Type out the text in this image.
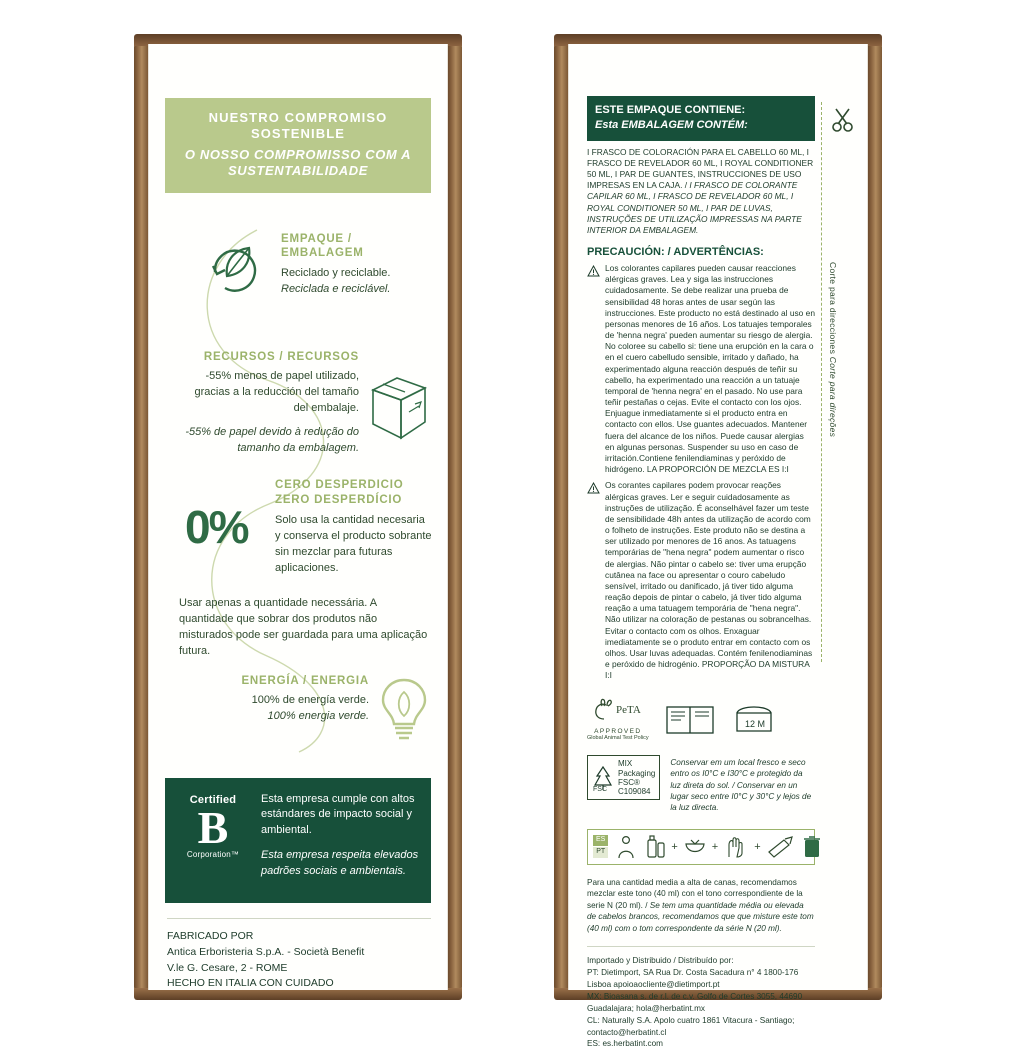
NUESTRO COMPROMISO SOSTENIBLE
O NOSSO COMPROMISSO COM A SUSTENTABILIDADE
EMPAQUE / EMBALAGEM
Reciclado y reciclable.
Reciclada e reciclável.
RECURSOS / RECURSOS
-55% menos de papel utilizado, gracias a la reducción del tamaño del embalaje.
-55% de papel devido à redução do tamanho da embalagem.
CERO DESPERDICIO
ZERO DESPERDÍCIO
Solo usa la cantidad necesaria y conserva el producto sobrante sin mezclar para futuras aplicaciones.
Usar apenas a quantidade necessária. A quantidade que sobrar dos produtos não misturados pode ser guardada para uma aplicação futura.
0%
ENERGÍA / ENERGIA
100% de energía verde.
100% energia verde.
Certified
B
Corporation™
Esta empresa cumple con altos estándares de impacto social y ambiental.
Esta empresa respeita elevados padrões sociais e ambientais.
FABRICADO POR
Antica Erboristeria S.p.A. - Società Benefit
V.le G. Cesare, 2 - ROME
HECHO EN ITALIA CON CUIDADO
Corte para direcciones Corte para direções
ESTE EMPAQUE CONTIENE:
Esta EMBALAGEM CONTÉM:
I FRASCO DE COLORACIÓN PARA EL CABELLO 60 ML, I FRASCO DE REVELADOR 60 ML, I ROYAL CONDITIONER 50 ML, I PAR DE GUANTES, INSTRUCCIONES DE USO IMPRESAS EN LA CAJA. / I FRASCO DE COLORANTE CAPILAR 60 ML, I FRASCO DE REVELADOR 60 ML, I ROYAL CONDITIONER 50 ML, I PAR DE LUVAS, INSTRUÇÕES DE UTILIZAÇÃO IMPRESSAS NA PARTE INTERIOR DA EMBALAGEM.
PRECAUCIÓN: / ADVERTÊNCIAS:
Los colorantes capilares pueden causar reacciones alérgicas graves. Lea y siga las instrucciones cuidadosamente. Se debe realizar una prueba de sensibilidad 48 horas antes de usar según las instrucciones. Este producto no está destinado al uso en personas menores de 16 años. Los tatuajes temporales de 'henna negra' pueden aumentar su riesgo de alergia. No coloree su cabello si: tiene una erupción en la cara o en el cuero cabelludo sensible, irritado y dañado, ha experimentado alguna reacción después de teñir su cabello, ha experimentado una reacción a un tatuaje temporal de 'henna negra' en el pasado. No use para teñir pestañas o cejas. Evite el contacto con los ojos. Enjuague inmediatamente si el producto entra en contacto con ellos. Use guantes adecuados. Mantener fuera del alcance de los niños. Puede causar alergias en algunas personas. Suspender su uso en caso de irritación.Contiene fenilendiaminas y peróxido de hidrógeno. LA PROPORCIÓN DE MEZCLA ES I:I
Os corantes capilares podem provocar reações alérgicas graves. Ler e seguir cuidadosamente as instruções de utilização. É aconselhável fazer um teste de sensibilidade 48h antes da utilização de acordo com o folheto de instruções. Este produto não se destina a ser utilizado por menores de 16 anos. As tatuagens temporárias de "hena negra" podem aumentar o risco de alergias. Não pintar o cabelo se: tiver uma erupção cutânea na face ou apresentar o couro cabeludo sensível, irritado ou danificado, já tiver tido alguma reação depois de pintar o cabelo, já tiver tido alguma reação a uma tatuagem temporária de "hena negra". Não utilizar na coloração de pestanas ou sobrancelhas. Evitar o contacto com os olhos. Enxaguar imediatamente se o produto entrar em contacto com os olhos. Usar luvas adequadas. Contém fenilenodiaminas e peróxido de hidrogénio. PROPORÇÃO DA MISTURA I:I
PeTA
APPROVED
Global Animal Test Policy
12 M
FSC
MIX
Packaging
FSC® C109084
Conservar em um local fresco e seco entro os I0°C e I30°C e protegido da luz direta do sol. / Conservar en un lugar seco entre I0°C y 30°C y lejos de la luz directa.
ES
PT	+	+	+
Para una cantidad media a alta de canas, recomendamos mezclar este tono (40 ml) con el tono correspondiente de la serie N (20 ml). / Se tem uma quantidade média ou elevada de cabelos brancos, recomendamos que que misture este tom (40 ml) com o tom correspondente da série N (20 ml).
Importado y Distribuido / Distribuído por:
PT: Dietimport, SA Rua Dr. Costa Sacadura n° 4 1800-176 Lisboa apoioaocliente@dietimport.pt
MX: Bioasana s. de r.l. de c.v. Golfo de Cortes 3055, 44690 Guadalajara; hola@herbatint.mx
CL: Naturally S.A. Apolo cuatro 1861 Vitacura - Santiago; contacto@herbatint.cl
ES: es.herbatint.com
